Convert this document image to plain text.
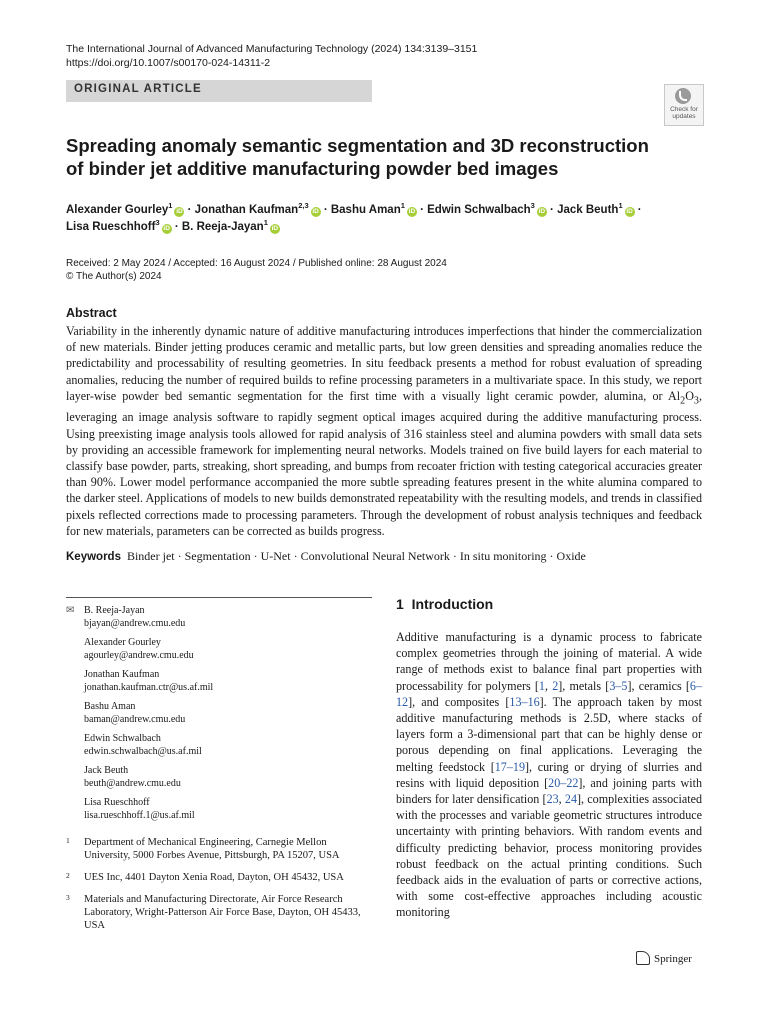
The International Journal of Advanced Manufacturing Technology (2024) 134:3139–3151
https://doi.org/10.1007/s00170-024-14311-2
ORIGINAL ARTICLE
Check for updates
Spreading anomaly semantic segmentation and 3D reconstruction of binder jet additive manufacturing powder bed images
Alexander Gourley$^1$iD · Jonathan Kaufman$^{2,3}$iD · Bashu Aman$^1$iD · Edwin Schwalbach$^3$iD · Jack Beuth$^1$iD ·
Lisa Rueschhoff$^3$iD · B. Reeja-Jayan$^1$iD
Received: 2 May 2024 / Accepted: 16 August 2024 / Published online: 28 August 2024
© The Author(s) 2024
Abstract
Variability in the inherently dynamic nature of additive manufacturing introduces imperfections that hinder the commercialization of new materials. Binder jetting produces ceramic and metallic parts, but low green densities and spreading anomalies reduce the predictability and processability of resulting geometries. In situ feedback presents a method for robust evaluation of spreading anomalies, reducing the number of required builds to refine processing parameters in a multivariate space. In this study, we report layer-wise powder bed semantic segmentation for the first time with a visually light ceramic powder, alumina, or $Al_2O_3$, leveraging an image analysis software to rapidly segment optical images acquired during the additive manufacturing process. Using preexisting image analysis tools allowed for rapid analysis of 316 stainless steel and alumina powders with small data sets by providing an accessible framework for implementing neural networks. Models trained on five build layers for each material to classify base powder, parts, streaking, short spreading, and bumps from recoater friction with testing categorical accuracies greater than 90%. Lower model performance accompanied the more subtle spreading features present in the white alumina compared to the darker steel. Applications of models to new builds demonstrated repeatability with the resulting models, and trends in classified pixels reflected corrections made to processing parameters. Through the development of robust analysis techniques and feedback for new materials, parameters can be corrected as builds progress.
Keywords Binder jet · Segmentation · U-Net · Convolutional Neural Network · In situ monitoring · Oxide
✉ B. Reeja-Jayan
bjayan@andrew.cmu.edu
Alexander Gourley
agourley@andrew.cmu.edu
Jonathan Kaufman
jonathan.kaufman.ctr@us.af.mil
Bashu Aman
baman@andrew.cmu.edu
Edwin Schwalbach
edwin.schwalbach@us.af.mil
Jack Beuth
beuth@andrew.cmu.edu
Lisa Rueschhoff
lisa.rueschhoff.1@us.af.mil
1 Department of Mechanical Engineering, Carnegie Mellon University, 5000 Forbes Avenue, Pittsburgh, PA 15207, USA
2 UES Inc, 4401 Dayton Xenia Road, Dayton, OH 45432, USA
3 Materials and Manufacturing Directorate, Air Force Research Laboratory, Wright-Patterson Air Force Base, Dayton, OH 45433, USA
1 Introduction
Additive manufacturing is a dynamic process to fabricate complex geometries through the joining of material. A wide range of methods exist to balance final part properties with processability for polymers [1, 2], metals [3–5], ceramics [6–12], and composites [13–16]. The approach taken by most additive manufacturing methods is 2.5D, where stacks of layers form a 3-dimensional part that can be highly dense or porous depending on final applications. Leveraging the melting feedstock [17–19], curing or drying of slurries and resins with liquid deposition [20–22], and joining parts with binders for later densification [23, 24], complexities associated with the processes and variable geometric structures introduce uncertainty with printing behaviors. With random events and difficulty predicting behavior, process monitoring provides robust feedback on the actual printing conditions. Such feedback aids in the evaluation of parts or corrective actions, with some cost-effective approaches including acoustic monitoring
Springer
